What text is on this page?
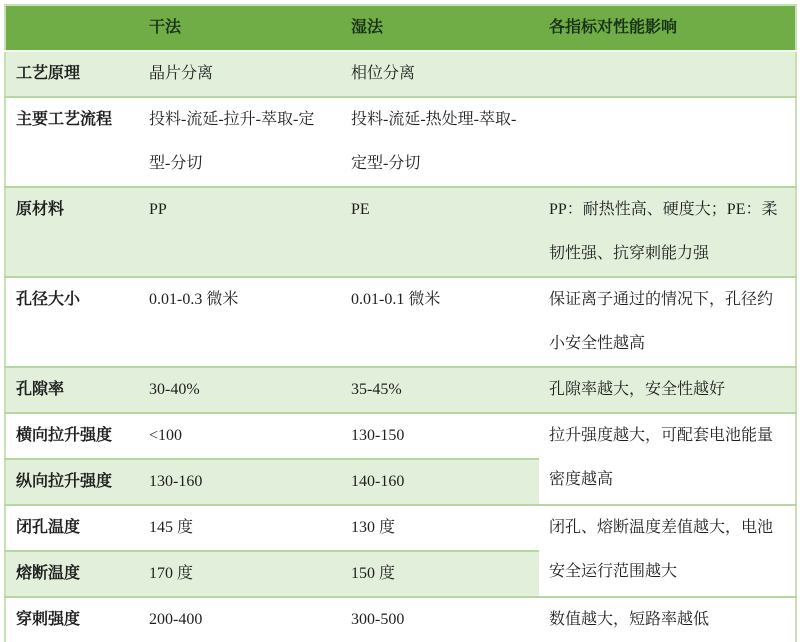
	干法	湿法	各指标对性能影响
工艺原理	晶片分离	相位分离	
主要工艺流程	投料-流延-拉升-萃取-定型-分切	投料-流延-热处理-萃取-定型-分切	
原材料	PP	PE	PP：耐热性高、硬度大；PE：柔韧性强、抗穿刺能力强
孔径大小	0.01-0.3 微米	0.01-0.1 微米	保证离子通过的情况下，孔径约小安全性越高
孔隙率	30-40%	35-45%	孔隙率越大，安全性越好
横向拉升强度	<100	130-150	拉升强度越大，可配套电池能量密度越高
纵向拉升强度	130-160	140-160	
闭孔温度	145 度	130 度	闭孔、熔断温度差值越大，电池安全运行范围越大
熔断温度	170 度	150 度	
穿刺强度	200-400	300-500	数值越大，短路率越低
